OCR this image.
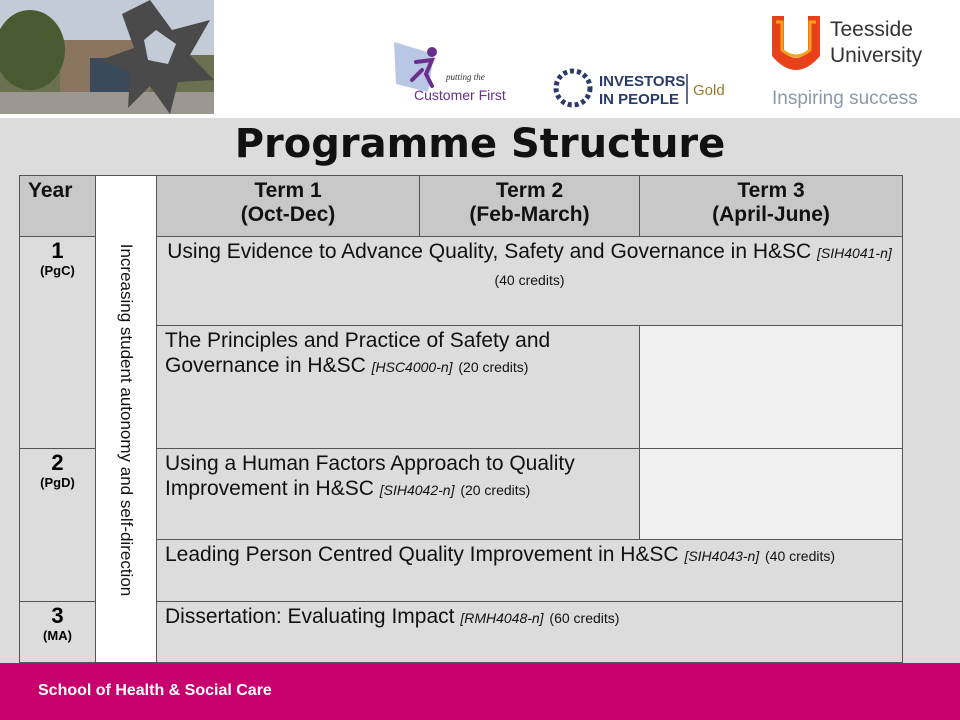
putting the
Customer First
INVESTORS
IN PEOPLE
Gold
Teesside
University
Inspiring success
Programme Structure
Year
Increasing student autonomy and self-direction
Term 1
(Oct-Dec)
Term 2
(Feb-March)
Term 3
(April-June)
1
(PgC)
2
(PgD)
3
(MA)
Using Evidence to Advance Quality, Safety and Governance in H&SC [SIH4041-n] (40 credits)
The Principles and Practice of Safety and Governance in H&SC [HSC4000-n] (20 credits)
Using a Human Factors Approach to Quality Improvement in H&SC [SIH4042-n] (20 credits)
Leading Person Centred Quality Improvement in H&SC [SIH4043-n] (40 credits)
Dissertation: Evaluating Impact [RMH4048-n] (60 credits)
School of Health & Social Care
